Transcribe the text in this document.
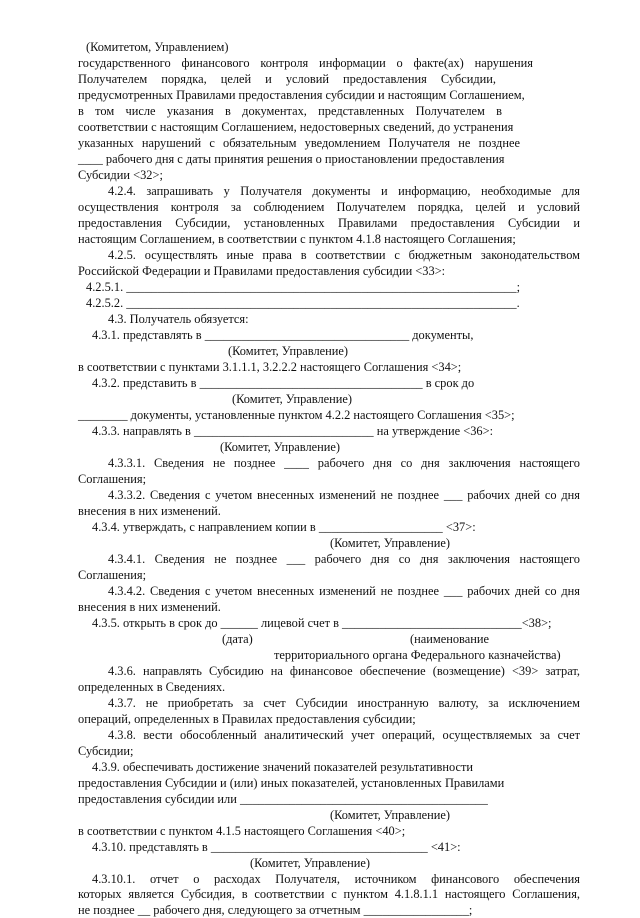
(Комитетом, Управлением)
государственного финансового контроля информации о факте(ах) нарушения
Получателем порядка, целей и условий предоставления Субсидии,
предусмотренных Правилами предоставления субсидии и настоящим Соглашением,
в том числе указания в документах, представленных Получателем в
соответствии с настоящим Соглашением, недостоверных сведений, до устранения
указанных нарушений с обязательным уведомлением Получателя не позднее
____ рабочего дня с даты принятия решения о приостановлении предоставления
Субсидии <32>;
4.2.4. запрашивать у Получателя документы и информацию, необходимые для
осуществления контроля за соблюдением Получателем порядка, целей и условий
предоставления Субсидии, установленных Правилами предоставления Субсидии и
настоящим Соглашением, в соответствии с пунктом 4.1.8 настоящего Соглашения;
4.2.5. осуществлять иные права в соответствии с бюджетным законодательством
Российской Федерации и Правилами предоставления субсидии <33>:
4.2.5.1. _______________________________________________________________;
4.2.5.2. _______________________________________________________________.
4.3. Получатель обязуется:
4.3.1. представлять в _________________________________ документы,
(Комитет, Управление)
в соответствии с пунктами 3.1.1.1, 3.2.2.2 настоящего Соглашения <34>;
4.3.2. представить в ____________________________________ в срок до
(Комитет, Управление)
________ документы, установленные пунктом 4.2.2 настоящего Соглашения <35>;
4.3.3. направлять в _____________________________ на утверждение <36>:
(Комитет, Управление)
4.3.3.1. Сведения не позднее ____ рабочего дня со дня заключения настоящего
Соглашения;
4.3.3.2. Сведения с учетом внесенных изменений не позднее ___ рабочих дней со дня
внесения в них изменений.
4.3.4. утверждать, с направлением копии в ____________________ <37>:
(Комитет, Управление)
4.3.4.1. Сведения не позднее ___ рабочего дня со дня заключения настоящего
Соглашения;
4.3.4.2. Сведения с учетом внесенных изменений не позднее ___ рабочих дней со дня
внесения в них изменений.
4.3.5. открыть в срок до ______ лицевой счет в _____________________________<38>;
(дата)	(наименование
территориального органа Федерального казначейства)
4.3.6. направлять Субсидию на финансовое обеспечение (возмещение) <39> затрат,
определенных в Сведениях.
4.3.7. не приобретать за счет Субсидии иностранную валюту, за исключением
операций, определенных в Правилах предоставления субсидии;
4.3.8. вести обособленный аналитический учет операций, осуществляемых за счет
Субсидии;
4.3.9. обеспечивать достижение значений показателей результативности
предоставления Субсидии и (или) иных показателей, установленных Правилами
предоставления субсидии или ________________________________________
(Комитет, Управление)
в соответствии с пунктом 4.1.5 настоящего Соглашения <40>;
4.3.10. представлять в ___________________________________ <41>:
(Комитет, Управление)
4.3.10.1. отчет о расходах Получателя, источником финансового обеспечения
которых является Субсидия, в соответствии с пунктом 4.1.8.1.1 настоящего Соглашения,
не позднее __ рабочего дня, следующего за отчетным _________________;
